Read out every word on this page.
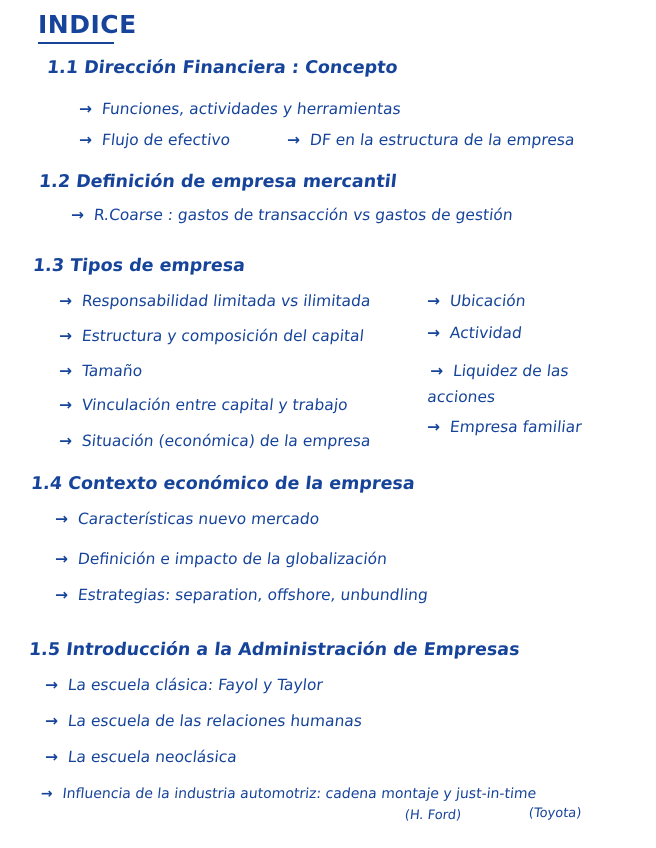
INDICE
1.1 Dirección Financiera : Concepto
→ Funciones, actividades y herramientas
→ Flujo de efectivo	→ DF en la estructura de la empresa
1.2 Definición de empresa mercantil
→ R.Coarse : gastos de transacción vs gastos de gestión
1.3 Tipos de empresa
→ Responsabilidad limitada vs ilimitada
→ Estructura y composición del capital
→ Tamaño
→ Vinculación entre capital y trabajo
→ Situación (económica) de la empresa
→ Ubicación
→ Actividad
→ Liquidez de las acciones
→ Empresa familiar
1.4 Contexto económico de la empresa
→ Características nuevo mercado
→ Definición e impacto de la globalización
→ Estrategias: separation, offshore, unbundling
1.5 Introducción a la Administración de Empresas
→ La escuela clásica: Fayol y Taylor
→ La escuela de las relaciones humanas
→ La escuela neoclásica
→ Influencia de la industria automotriz: cadena montaje y just-in-time
(H. Ford)	(Toyota)
